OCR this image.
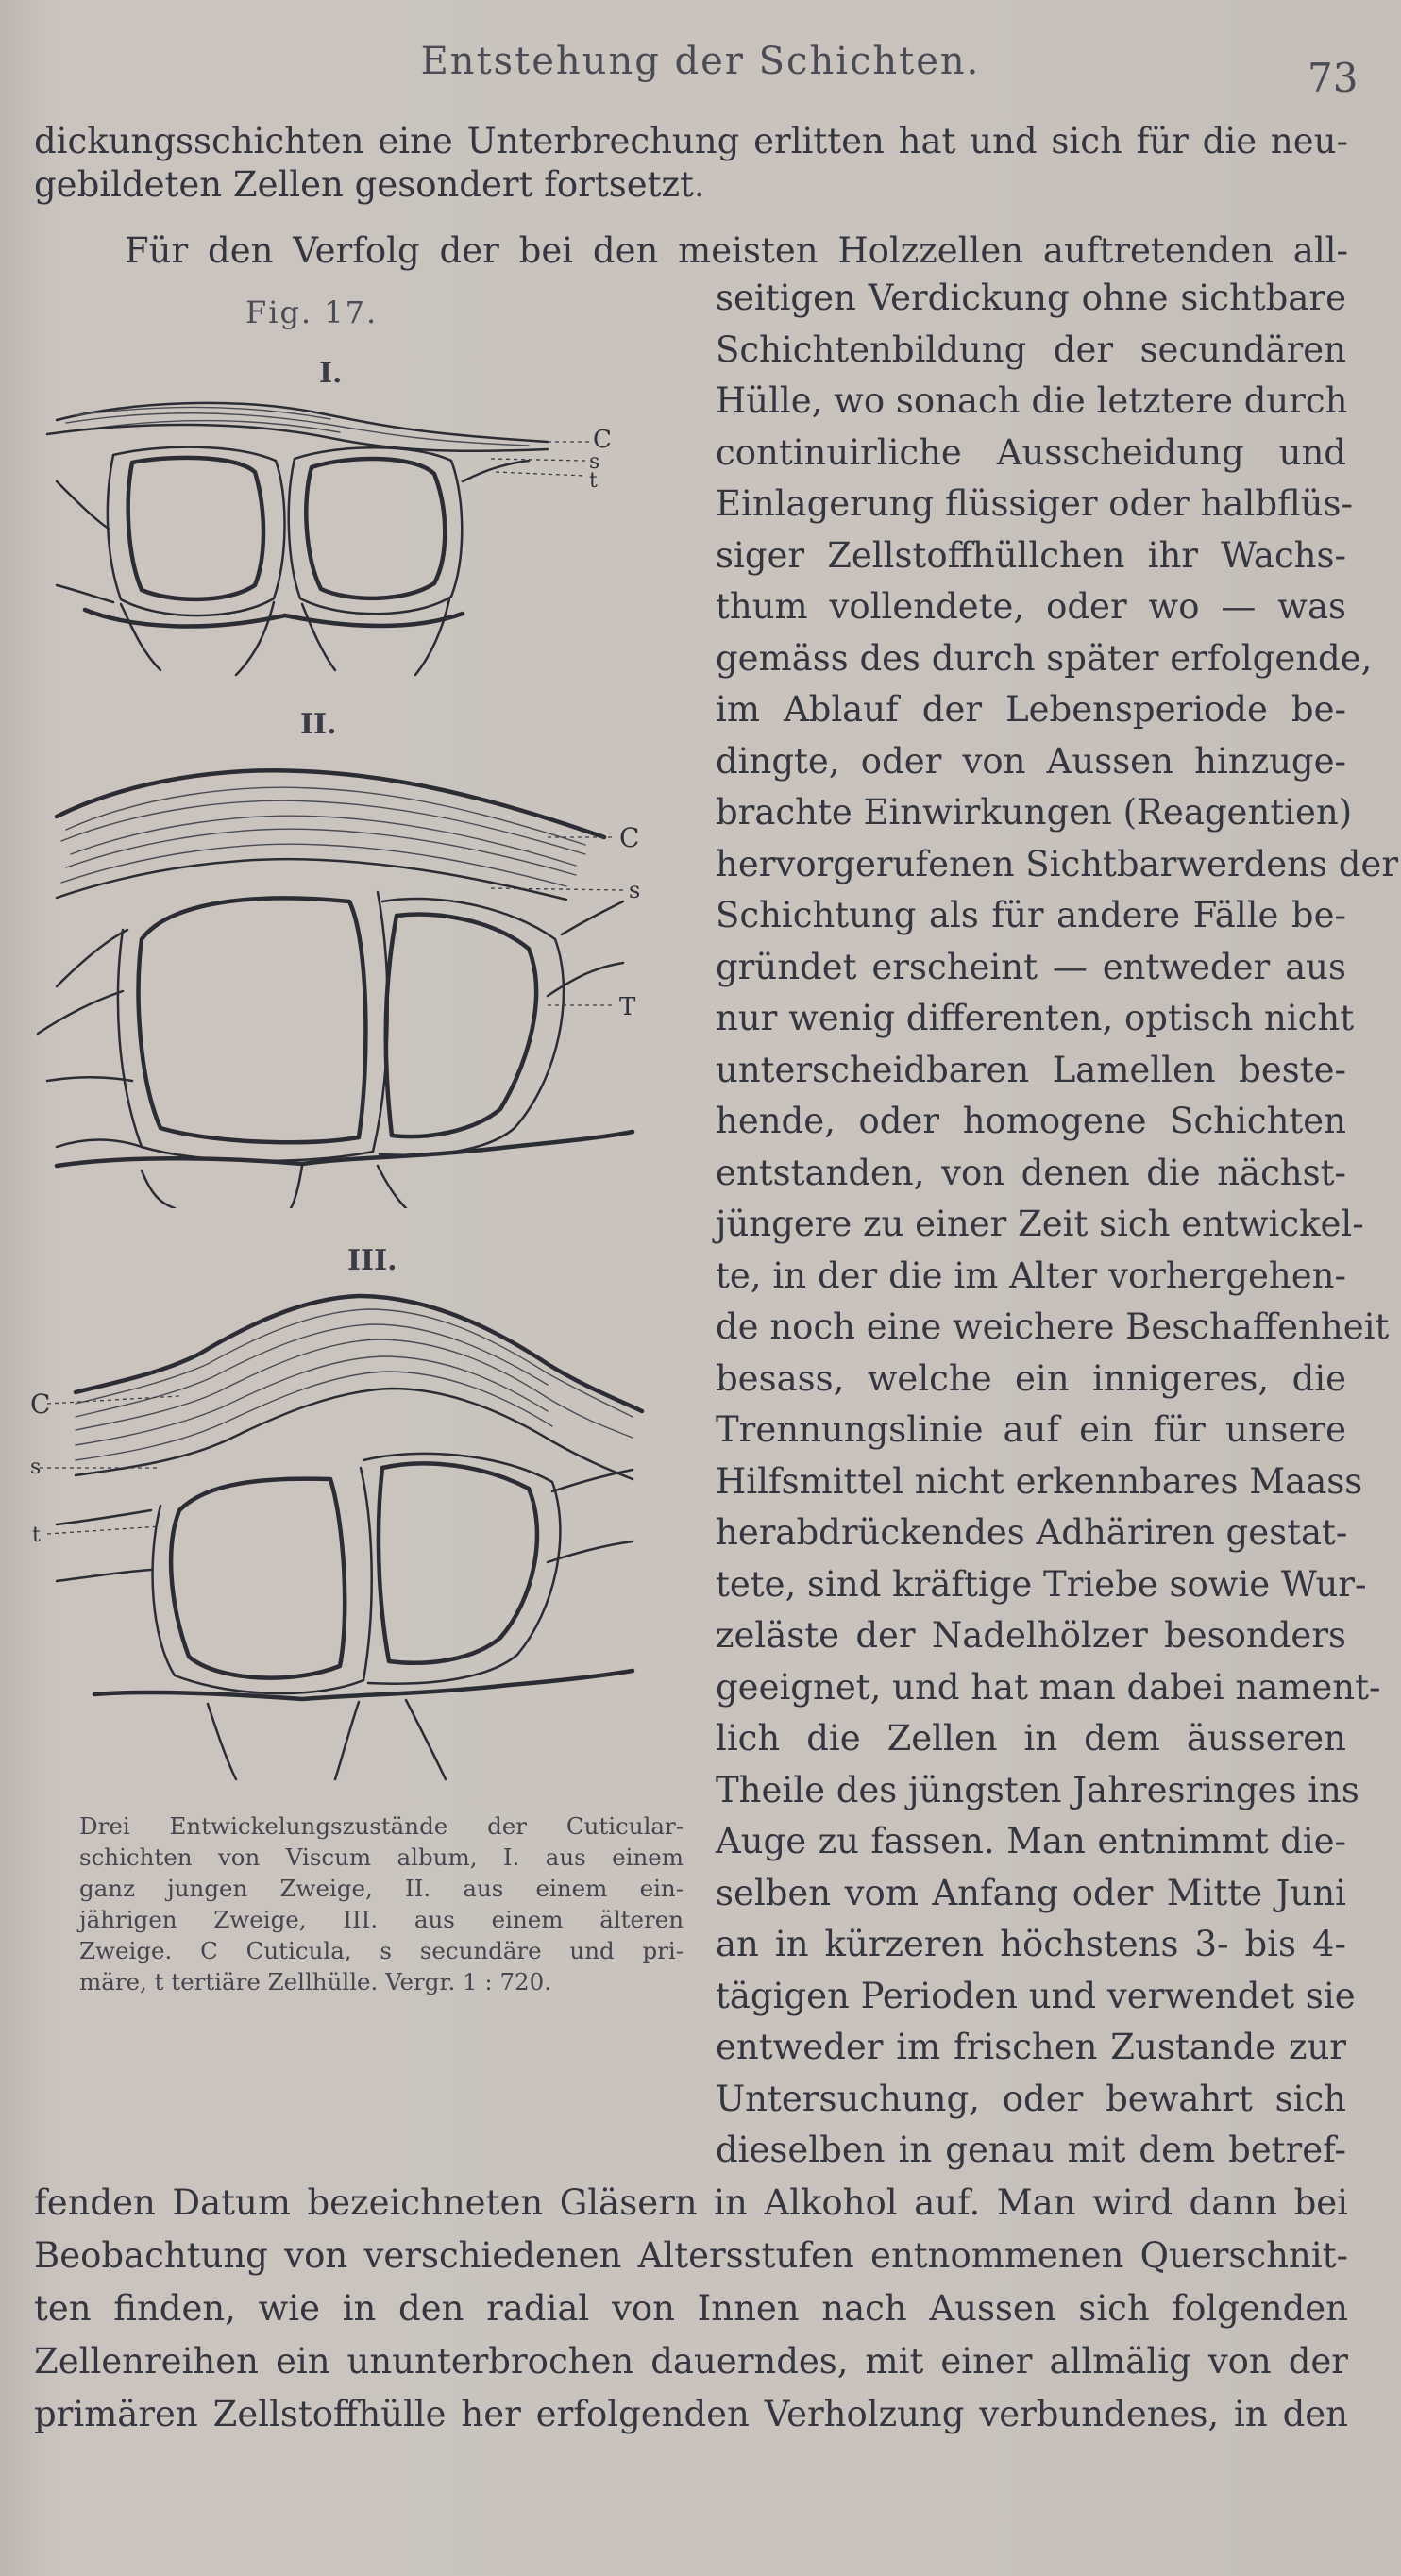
Entstehung der Schichten.	73
dickungsschichten eine Unterbrechung erlitten hat und sich für die neu-
gebildeten Zellen gesondert fortsetzt.
Für den Verfolg der bei den meisten Holzzellen auftretenden all-
seitigen Verdickung ohne sichtbare
Schichtenbildung der secundären
Hülle, wo sonach die letztere durch
continuirliche Ausscheidung und
Einlagerung flüssiger oder halbflüs-
siger Zellstoffhüllchen ihr Wachs-
thum vollendete, oder wo — was
gemäss des durch später erfolgende,
im Ablauf der Lebensperiode be-
dingte, oder von Aussen hinzuge-
brachte Einwirkungen (Reagentien)
hervorgerufenen Sichtbarwerdens der
Schichtung als für andere Fälle be-
gründet erscheint — entweder aus
nur wenig differenten, optisch nicht
unterscheidbaren Lamellen beste-
hende, oder homogene Schichten
entstanden, von denen die nächst-
jüngere zu einer Zeit sich entwickel-
te, in der die im Alter vorhergehen-
de noch eine weichere Beschaffenheit
besass, welche ein innigeres, die
Trennungslinie auf ein für unsere
Hilfsmittel nicht erkennbares Maass
herabdrückendes Adhäriren gestat-
tete, sind kräftige Triebe sowie Wur-
zeläste der Nadelhölzer besonders
geeignet, und hat man dabei nament-
lich die Zellen in dem äusseren
Theile des jüngsten Jahresringes ins
Auge zu fassen. Man entnimmt die-
selben vom Anfang oder Mitte Juni
an in kürzeren höchstens 3- bis 4-
tägigen Perioden und verwendet sie
entweder im frischen Zustande zur
Untersuchung, oder bewahrt sich
dieselben in genau mit dem betref-
fenden Datum bezeichneten Gläsern in Alkohol auf. Man wird dann bei
Beobachtung von verschiedenen Altersstufen entnommenen Querschnit-
ten finden, wie in den radial von Innen nach Aussen sich folgenden
Zellenreihen ein ununterbrochen dauerndes, mit einer allmälig von der
primären Zellstoffhülle her erfolgenden Verholzung verbundenes, in den
Fig. 17.
I.
C
s
t
II.
C
s
T
III.
C
s
t
Drei Entwickelungszustände der Cuticular-
schichten von Viscum album, I. aus einem
ganz jungen Zweige, II. aus einem ein-
jährigen Zweige, III. aus einem älteren
Zweige. C Cuticula, s secundäre und pri-
märe, t tertiäre Zellhülle. Vergr. 1 : 720.
